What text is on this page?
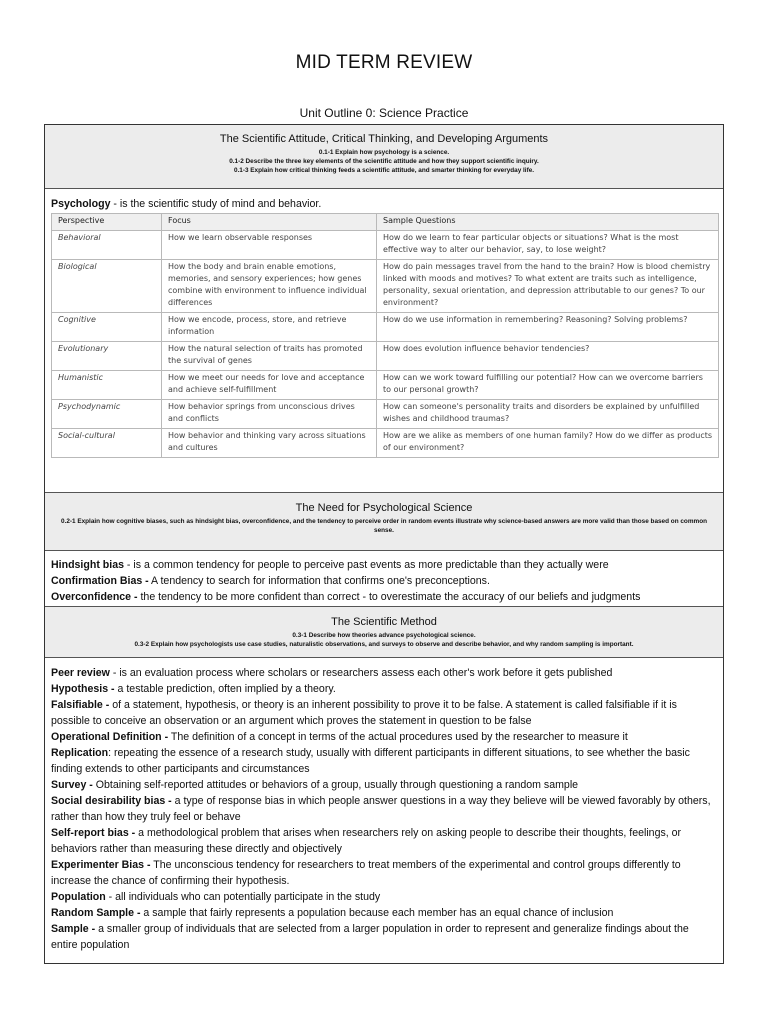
MID TERM REVIEW
Unit Outline 0: Science Practice
The Scientific Attitude, Critical Thinking, and Developing Arguments
0.1-1 Explain how psychology is a science.
0.1-2 Describe the three key elements of the scientific attitude and how they support scientific inquiry.
0.1-3 Explain how critical thinking feeds a scientific attitude, and smarter thinking for everyday life.
Psychology - is the scientific study of mind and behavior.
Perspective	Focus	Sample Questions
Behavioral	How we learn observable responses	How do we learn to fear particular objects or situations? What is the most effective way to alter our behavior, say, to lose weight?
Biological	How the body and brain enable emotions, memories, and sensory experiences; how genes combine with environment to influence individual differences	How do pain messages travel from the hand to the brain? How is blood chemistry linked with moods and motives? To what extent are traits such as intelligence, personality, sexual orientation, and depression attributable to our genes? To our environment?
Cognitive	How we encode, process, store, and retrieve information	How do we use information in remembering? Reasoning? Solving problems?
Evolutionary	How the natural selection of traits has promoted the survival of genes	How does evolution influence behavior tendencies?
Humanistic	How we meet our needs for love and acceptance and achieve self-fulfillment	How can we work toward fulfilling our potential? How can we overcome barriers to our personal growth?
Psychodynamic	How behavior springs from unconscious drives and conflicts	How can someone's personality traits and disorders be explained by unfulfilled wishes and childhood traumas?
Social-cultural	How behavior and thinking vary across situations and cultures	How are we alike as members of one human family? How do we differ as products of our environment?
The Need for Psychological Science
0.2-1 Explain how cognitive biases, such as hindsight bias, overconfidence, and the tendency to perceive order in random events illustrate why science-based answers are more valid than those based on common sense.

Hindsight bias - is a common tendency for people to perceive past events as more predictable than they actually were

Confirmation Bias - A tendency to search for information that confirms one's preconceptions.

Overconfidence - the tendency to be more confident than correct - to overestimate the accuracy of our beliefs and judgments

The Scientific Method
0.3-1 Describe how theories advance psychological science.
0.3-2 Explain how psychologists use case studies, naturalistic observations, and surveys to observe and describe behavior, and why random sampling is important.

Peer review - is an evaluation process where scholars or researchers assess each other's work before it gets published

Hypothesis - a testable prediction, often implied by a theory.

Falsifiable - of a statement, hypothesis, or theory is an inherent possibility to prove it to be false. A statement is called falsifiable if it is possible to conceive an observation or an argument which proves the statement in question to be false

Operational Definition - The definition of a concept in terms of the actual procedures used by the researcher to measure it

Replication: repeating the essence of a research study, usually with different participants in different situations, to see whether the basic finding extends to other participants and circumstances

Survey - Obtaining self-reported attitudes or behaviors of a group, usually through questioning a random sample

Social desirability bias - a type of response bias in which people answer questions in a way they believe will be viewed favorably by others, rather than how they truly feel or behave

Self-report bias - a methodological problem that arises when researchers rely on asking people to describe their thoughts, feelings, or behaviors rather than measuring these directly and objectively

Experimenter Bias - The unconscious tendency for researchers to treat members of the experimental and control groups differently to increase the chance of confirming their hypothesis.

Population - all individuals who can potentially participate in the study

Random Sample - a sample that fairly represents a population because each member has an equal chance of inclusion

Sample - a smaller group of individuals that are selected from a larger population in order to represent and generalize findings about the entire population
